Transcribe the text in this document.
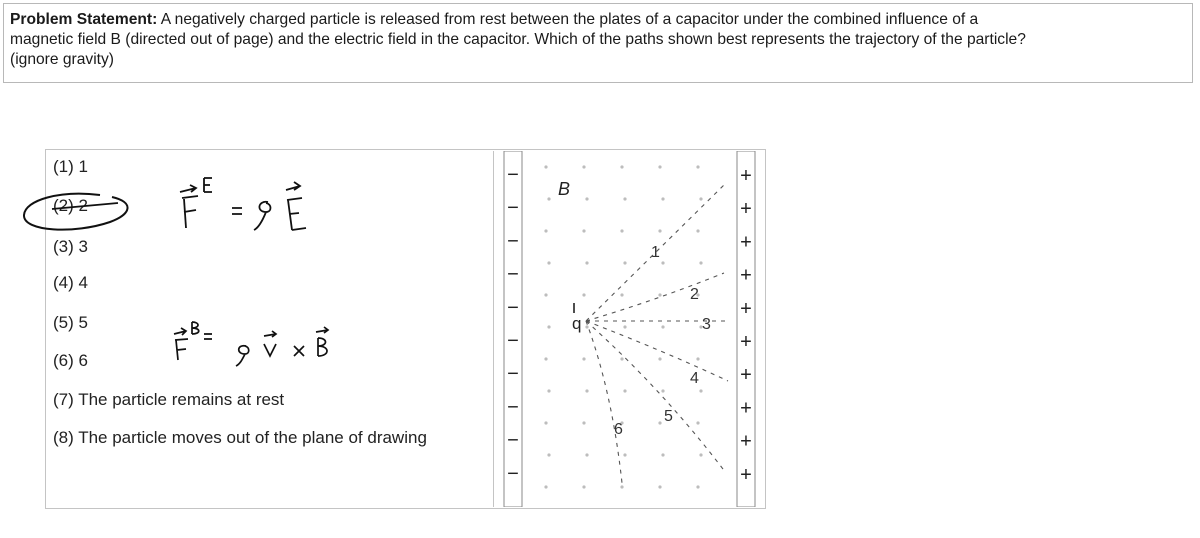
Problem Statement: A negatively charged particle is released from rest between the plates of a capacitor under the combined influence of a
magnetic field B (directed out of page) and the electric field in the capacitor. Which of the paths shown best represents the trajectory of the particle?
(ignore gravity)
(1) 1
(2) 2
(3) 3
(4) 4
(5) 5
(6) 6
(7) The particle remains at rest
(8) The particle moves out of the plane of drawing
F⃗ᴱ = qE⃗
F⃗ᴮ = q v⃗ × B⃗
−
−
−
−
−
−
−
−
−
−
+
+
+
+
+
+
+
+
+
+
B
q
1
2
3
4
5
6
